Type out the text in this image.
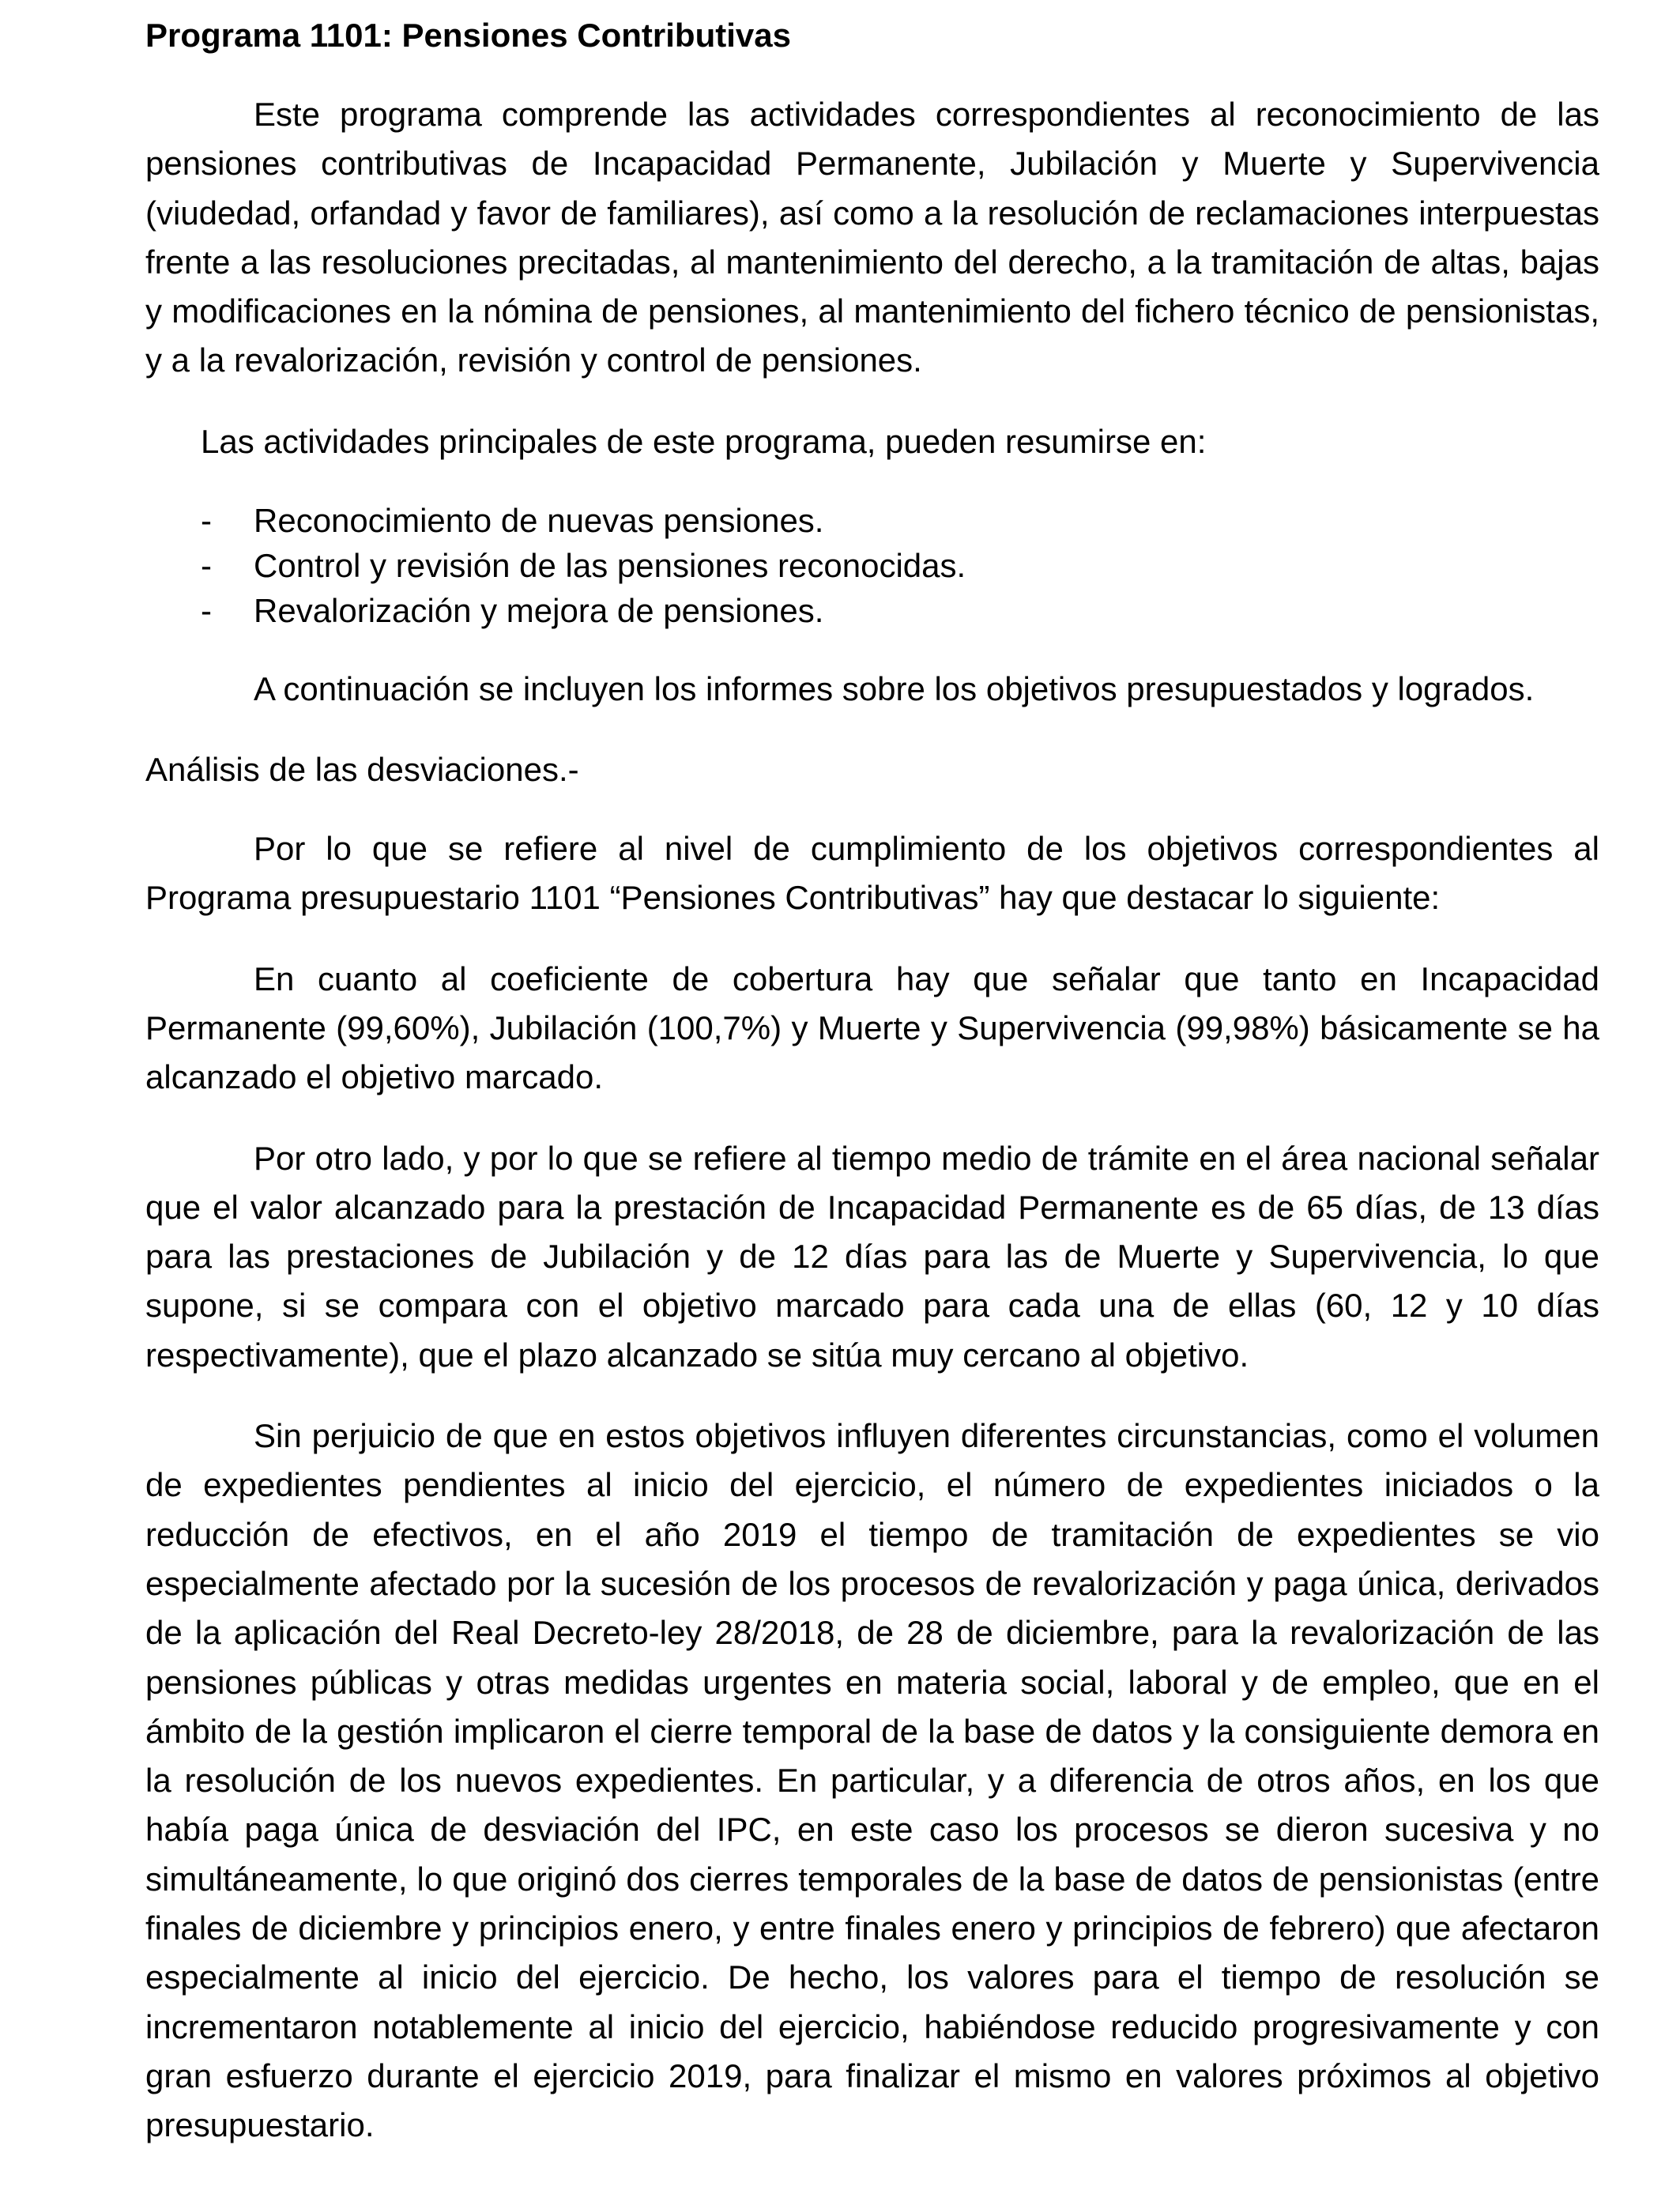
Programa 1101: Pensiones Contributivas

Este programa comprende las actividades correspondientes al reconocimiento de las pensiones contributivas de Incapacidad Permanente, Jubilación y Muerte y Supervivencia (viudedad, orfandad y favor de familiares), así como a la resolución de reclamaciones interpuestas frente a las resoluciones precitadas, al mantenimiento del derecho, a la tramitación de altas, bajas y modificaciones en la nómina de pensiones, al mantenimiento del fichero técnico de pensionistas, y a la revalorización, revisión y control de pensiones.

Las actividades principales de este programa, pueden resumirse en:

- Reconocimiento de nuevas pensiones.
- Control y revisión de las pensiones reconocidas.
- Revalorización y mejora de pensiones.

A continuación se incluyen los informes sobre los objetivos presupuestados y logrados.

Análisis de las desviaciones.-

Por lo que se refiere al nivel de cumplimiento de los objetivos correspondientes al Programa presupuestario 1101 “Pensiones Contributivas” hay que destacar lo siguiente:

En cuanto al coeficiente de cobertura hay que señalar que tanto en Incapacidad Permanente (99,60%), Jubilación (100,7%) y Muerte y Supervivencia (99,98%) básicamente se ha alcanzado el objetivo marcado.

Por otro lado, y por lo que se refiere al tiempo medio de trámite en el área nacional señalar que el valor alcanzado para la prestación de Incapacidad Permanente es de 65 días, de 13 días para las prestaciones de Jubilación y de 12 días para las de Muerte y Supervivencia, lo que supone, si se compara con el objetivo marcado para cada una de ellas (60, 12 y 10 días respectivamente), que el plazo alcanzado se sitúa muy cercano al objetivo.

Sin perjuicio de que en estos objetivos influyen diferentes circunstancias, como el volumen de expedientes pendientes al inicio del ejercicio, el número de expedientes iniciados o la reducción de efectivos, en el año 2019 el tiempo de tramitación de expedientes se vio especialmente afectado por la sucesión de los procesos de revalorización y paga única, derivados de la aplicación del Real Decreto-ley 28/2018, de 28 de diciembre, para la revalorización de las pensiones públicas y otras medidas urgentes en materia social, laboral y de empleo, que en el ámbito de la gestión implicaron el cierre temporal de la base de datos y la consiguiente demora en la resolución de los nuevos expedientes. En particular, y a diferencia de otros años, en los que había paga única de desviación del IPC, en este caso los procesos se dieron sucesiva y no simultáneamente, lo que originó dos cierres temporales de la base de datos de pensionistas (entre finales de diciembre y principios enero, y entre finales enero y principios de febrero) que afectaron especialmente al inicio del ejercicio. De hecho, los valores para el tiempo de resolución se incrementaron notablemente al inicio del ejercicio, habiéndose reducido progresivamente y con gran esfuerzo durante el ejercicio 2019, para finalizar el mismo en valores próximos al objetivo presupuestario.
